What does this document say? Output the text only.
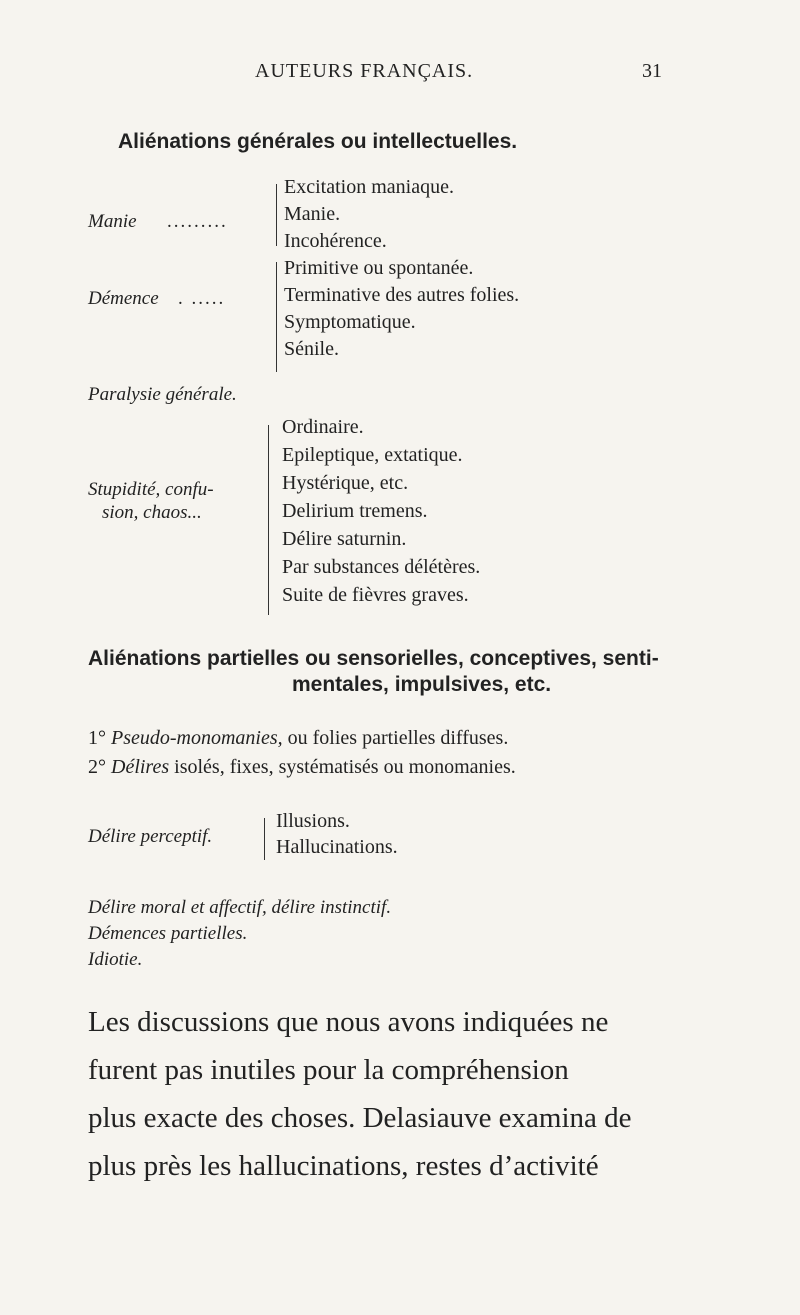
AUTEURS FRANÇAIS.	31
Aliénations générales ou intellectuelles.
Manie .........
Excitation maniaque.
Manie.
Incohérence.
Démence . .....
Primitive ou spontanée.
Terminative des autres folies.
Symptomatique.
Sénile.
Paralysie générale.
Stupidité, confu-
sion, chaos...
Ordinaire.
Epileptique, extatique.
Hystérique, etc.
Delirium tremens.
Délire saturnin.
Par substances délétères.
Suite de fièvres graves.
Aliénations partielles ou sensorielles, conceptives, senti-
mentales, impulsives, etc.
1° Pseudo-monomanies, ou folies partielles diffuses.
2° Délires isolés, fixes, systématisés ou monomanies.
Délire perceptif.
Illusions.
Hallucinations.
Délire moral et affectif, délire instinctif.
Démences partielles.
Idiotie.
Les discussions que nous avons indiquées ne
furent pas inutiles pour la compréhension
plus exacte des choses. Delasiauve examina de
plus près les hallucinations, restes d’activité
